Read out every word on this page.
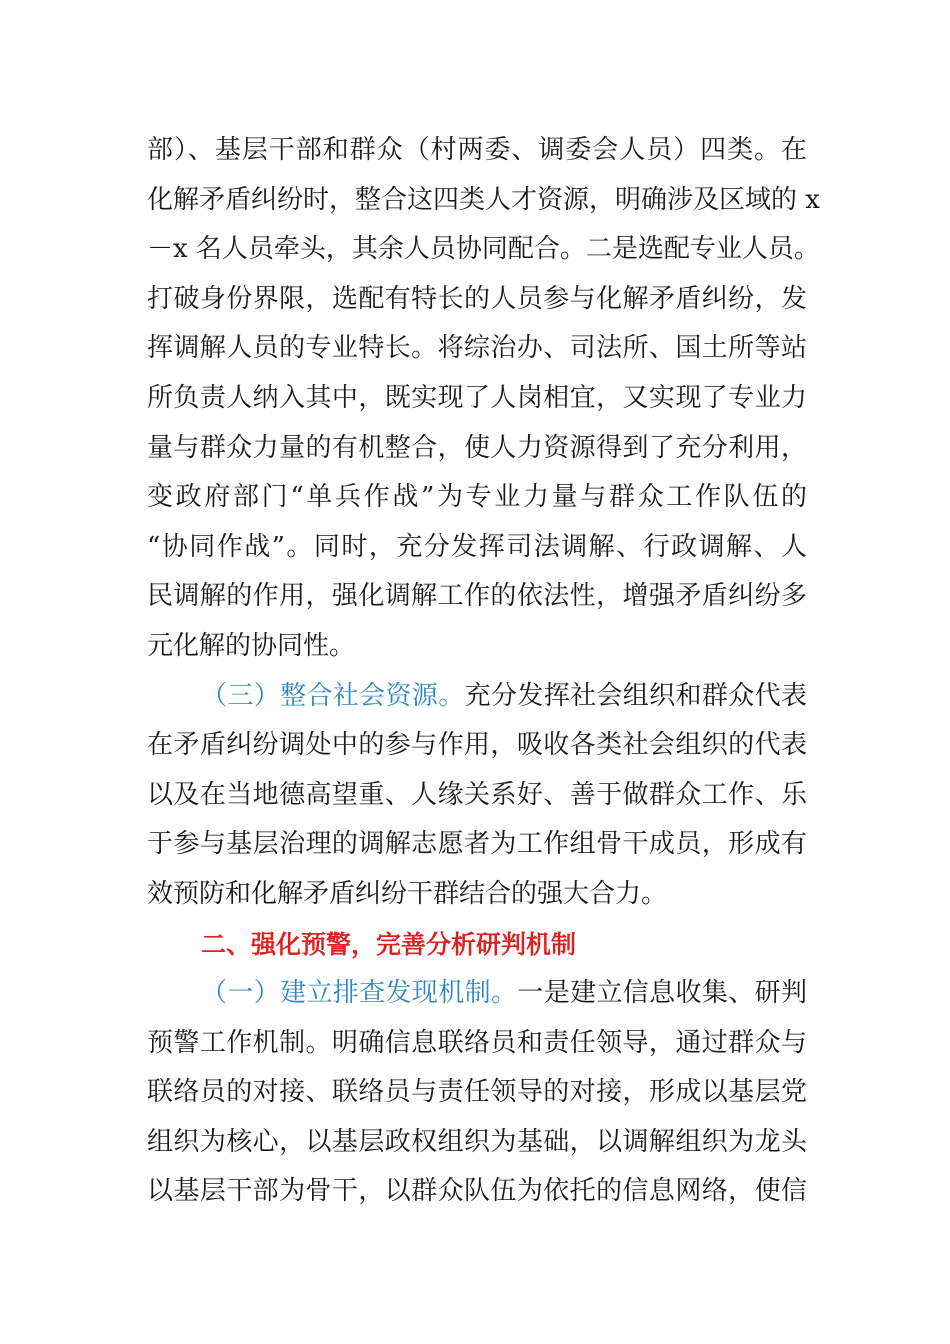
部）、基层干部和群众（村两委、调委会人员）四类。在
化解矛盾纠纷时，整合这四类人才资源，明确涉及区域的 x
－x 名人员牵头，其余人员协同配合。二是选配专业人员。
打破身份界限，选配有特长的人员参与化解矛盾纠纷，发
挥调解人员的专业特长。将综治办、司法所、国土所等站
所负责人纳入其中，既实现了人岗相宜，又实现了专业力
量与群众力量的有机整合，使人力资源得到了充分利用，
变政府部门“单兵作战”为专业力量与群众工作队伍的
“协同作战”。同时，充分发挥司法调解、行政调解、人
民调解的作用，强化调解工作的依法性，增强矛盾纠纷多
元化解的协同性。
（三）整合社会资源。充分发挥社会组织和群众代表
在矛盾纠纷调处中的参与作用，吸收各类社会组织的代表
以及在当地德高望重、人缘关系好、善于做群众工作、乐
于参与基层治理的调解志愿者为工作组骨干成员，形成有
效预防和化解矛盾纠纷干群结合的强大合力。
二、强化预警，完善分析研判机制
（一）建立排查发现机制。一是建立信息收集、研判
预警工作机制。明确信息联络员和责任领导，通过群众与
联络员的对接、联络员与责任领导的对接，形成以基层党
组织为核心，以基层政权组织为基础，以调解组织为龙头
以基层干部为骨干，以群众队伍为依托的信息网络，使信
